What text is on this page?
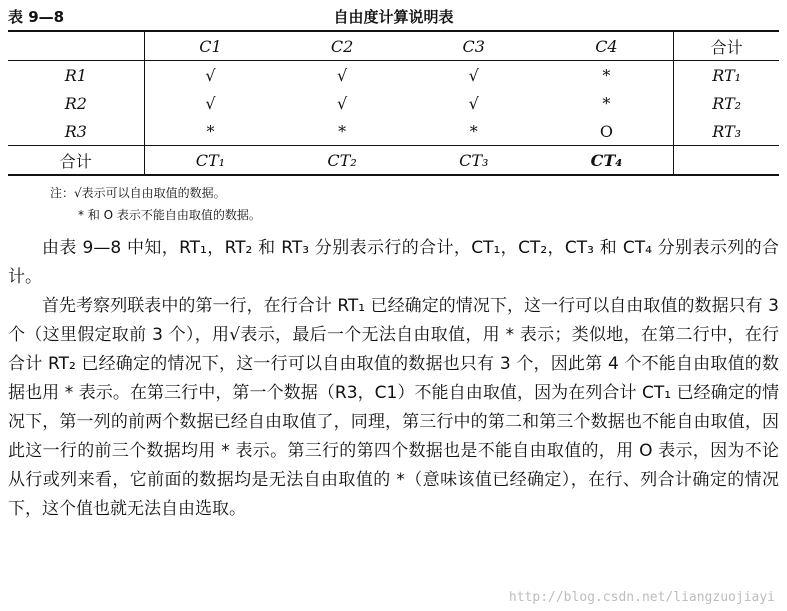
表 9—8	自由度计算说明表
	C1	C2	C3	C4	合计
R1	√	√	√	*	RT₁
R2	√	√	√	*	RT₂
R3	*	*	*	O	RT₃
合计	CT₁	CT₂	CT₃	CT₄	
注：√表示可以自由取值的数据。
* 和 O 表示不能自由取值的数据。

由表 9—8 中知，RT₁，RT₂ 和 RT₃ 分别表示行的合计，CT₁，CT₂，CT₃ 和 CT₄ 分别表示列的合计。

首先考察列联表中的第一行，在行合计 RT₁ 已经确定的情况下，这一行可以自由取值的数据只有 3 个（这里假定取前 3 个），用√表示，最后一个无法自由取值，用 * 表示；类似地，在第二行中，在行合计 RT₂ 已经确定的情况下，这一行可以自由取值的数据也只有 3 个，因此第 4 个不能自由取值的数据也用 * 表示。在第三行中，第一个数据（R3，C1）不能自由取值，因为在列合计 CT₁ 已经确定的情况下，第一列的前两个数据已经自由取值了，同理，第三行中的第二和第三个数据也不能自由取值，因此这一行的前三个数据均用 * 表示。第三行的第四个数据也是不能自由取值的，用 O 表示，因为不论从行或列来看，它前面的数据均是无法自由取值的 *（意味该值已经确定），在行、列合计确定的情况下，这个值也就无法自由选取。

http://blog.csdn.net/liangzuojiayi
